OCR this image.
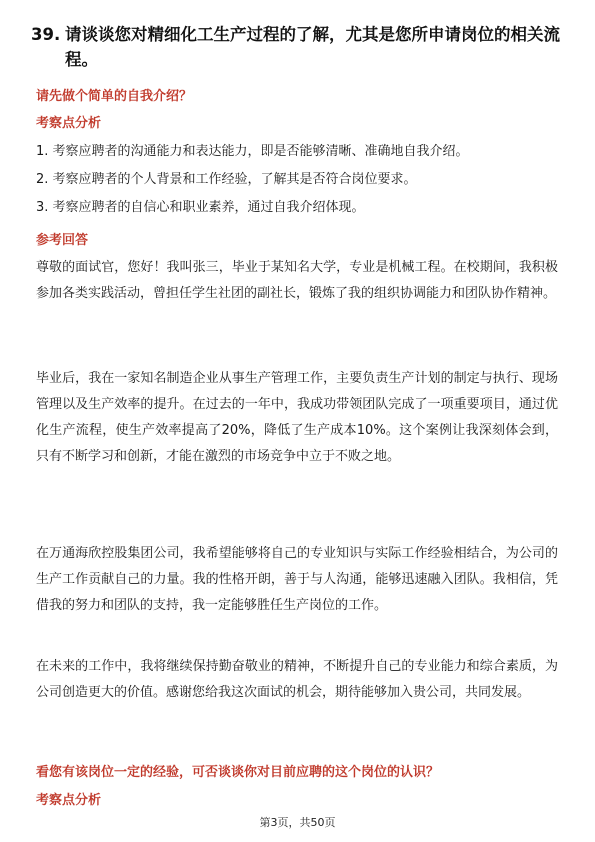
39. 请谈谈您对精细化工生产过程的了解，尤其是您所申请岗位的相关流程。
请先做个简单的自我介绍？
考察点分析
1. 考察应聘者的沟通能力和表达能力，即是否能够清晰、准确地自我介绍。
2. 考察应聘者的个人背景和工作经验，了解其是否符合岗位要求。
3. 考察应聘者的自信心和职业素养，通过自我介绍体现。
参考回答
尊敬的面试官，您好！我叫张三，毕业于某知名大学，专业是机械工程。在校期间，我积极参加各类实践活动，曾担任学生社团的副社长，锻炼了我的组织协调能力和团队协作精神。
毕业后，我在一家知名制造企业从事生产管理工作，主要负责生产计划的制定与执行、现场管理以及生产效率的提升。在过去的一年中，我成功带领团队完成了一项重要项目，通过优化生产流程，使生产效率提高了20%，降低了生产成本10%。这个案例让我深刻体会到，只有不断学习和创新，才能在激烈的市场竞争中立于不败之地。
在万通海欣控股集团公司，我希望能够将自己的专业知识与实际工作经验相结合，为公司的生产工作贡献自己的力量。我的性格开朗，善于与人沟通，能够迅速融入团队。我相信，凭借我的努力和团队的支持，我一定能够胜任生产岗位的工作。
在未来的工作中，我将继续保持勤奋敬业的精神，不断提升自己的专业能力和综合素质，为公司创造更大的价值。感谢您给我这次面试的机会，期待能够加入贵公司，共同发展。
看您有该岗位一定的经验，可否谈谈你对目前应聘的这个岗位的认识？
考察点分析
第3页，共50页
